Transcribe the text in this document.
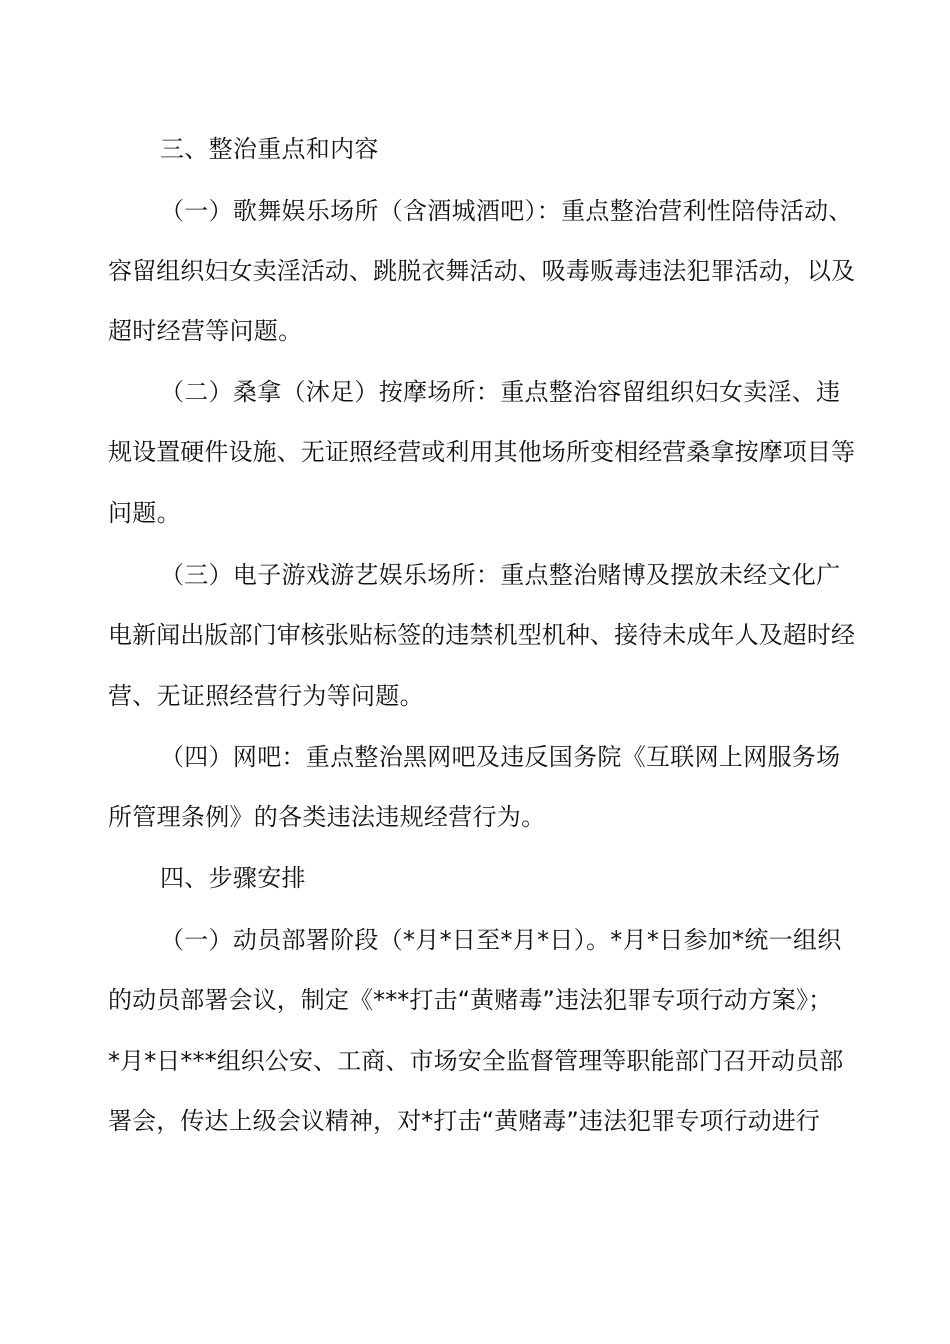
三、整治重点和内容
（一）歌舞娱乐场所（含酒城酒吧）：重点整治营利性陪侍活动、
容留组织妇女卖淫活动、跳脱衣舞活动、吸毒贩毒违法犯罪活动，以及
超时经营等问题。
（二）桑拿（沐足）按摩场所：重点整治容留组织妇女卖淫、违
规设置硬件设施、无证照经营或利用其他场所变相经营桑拿按摩项目等
问题。
（三）电子游戏游艺娱乐场所：重点整治赌博及摆放未经文化广
电新闻出版部门审核张贴标签的违禁机型机种、接待未成年人及超时经
营、无证照经营行为等问题。
（四）网吧：重点整治黑网吧及违反国务院《互联网上网服务场
所管理条例》的各类违法违规经营行为。
四、步骤安排
（一）动员部署阶段（*月*日至*月*日）。*月*日参加*统一组织
的动员部署会议，制定《***打击“黄赌毒”违法犯罪专项行动方案》；
*月*日***组织公安、工商、市场安全监督管理等职能部门召开动员部
署会，传达上级会议精神，对*打击“黄赌毒”违法犯罪专项行动进行
